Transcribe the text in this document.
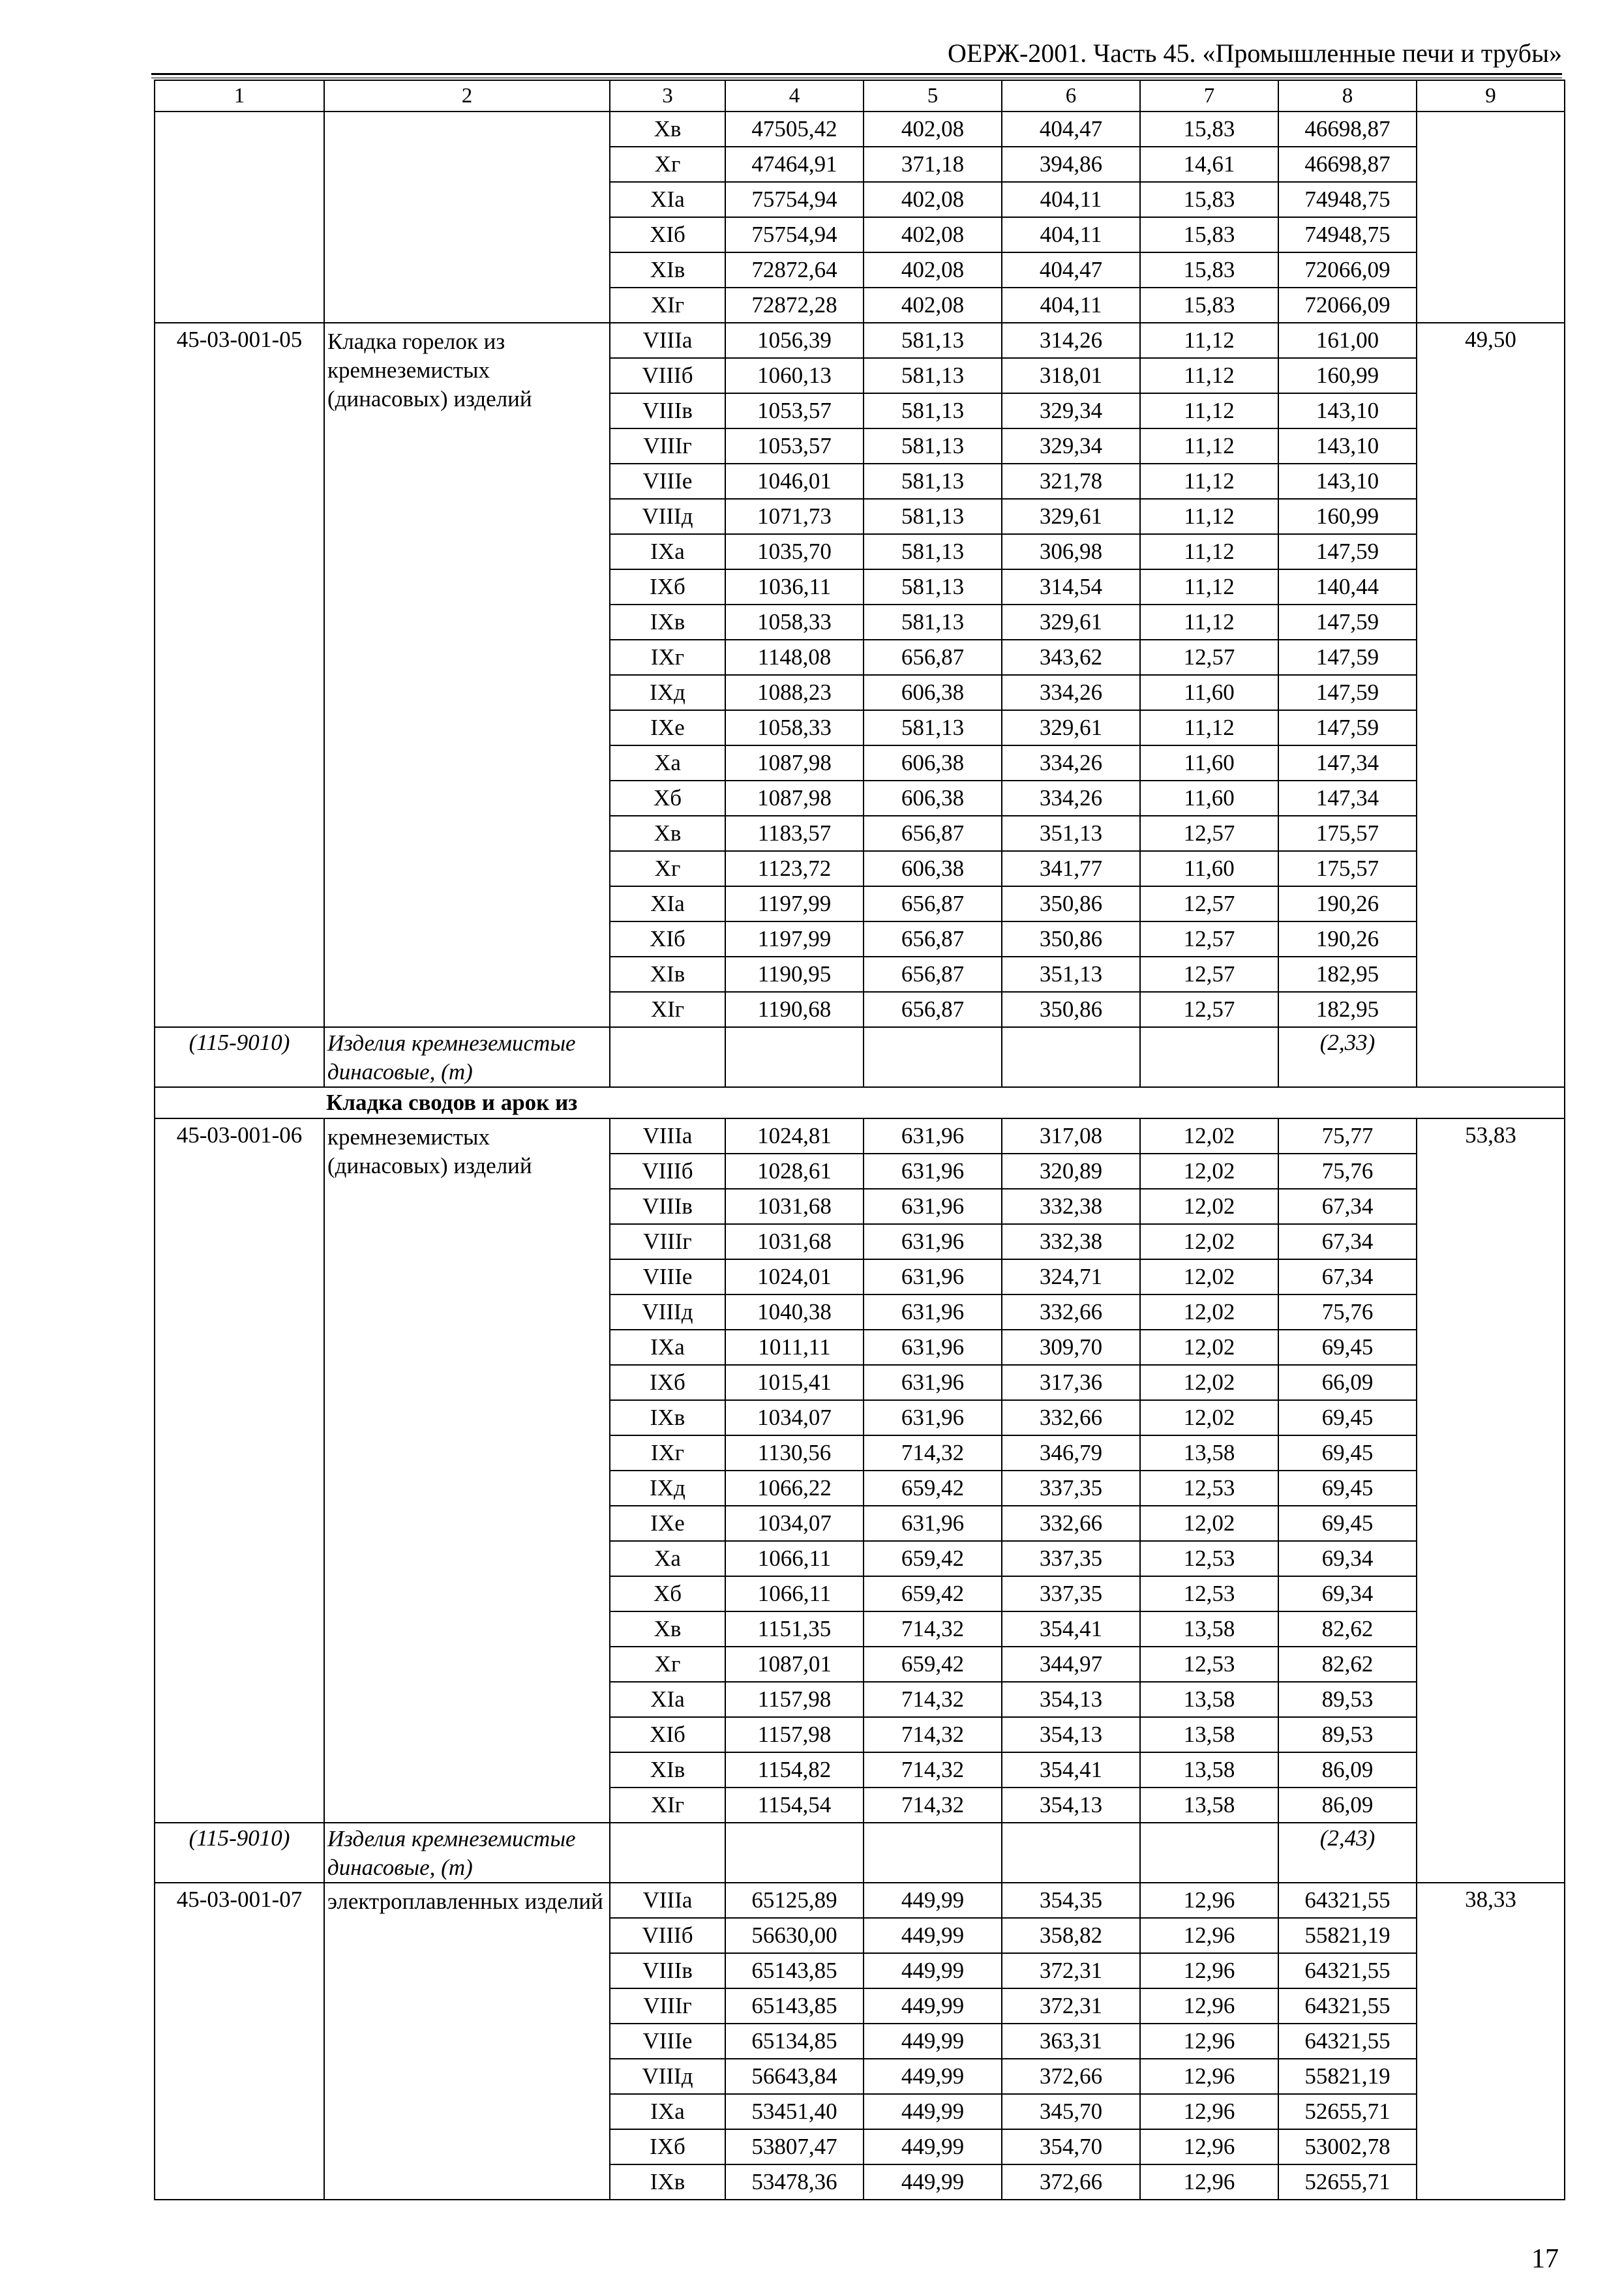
ОЕРЖ-2001. Часть 45. «Промышленные печи и трубы»
1	2	3	4	5	6	7	8	9
		Хв	47505,42	402,08	404,47	15,83	46698,87	
		Хг	47464,91	371,18	394,86	14,61	46698,87	
		ХIа	75754,94	402,08	404,11	15,83	74948,75	
		ХIб	75754,94	402,08	404,11	15,83	74948,75	
		ХIв	72872,64	402,08	404,47	15,83	72066,09	
		ХIг	72872,28	402,08	404,11	15,83	72066,09	
45-03-001-05	Кладка горелок из кремнеземистых (динасовых) изделий	VIIIа	1056,39	581,13	314,26	11,12	161,00	49,50
		VIIIб	1060,13	581,13	318,01	11,12	160,99	
		VIIIв	1053,57	581,13	329,34	11,12	143,10	
		VIIIг	1053,57	581,13	329,34	11,12	143,10	
		VIIIе	1046,01	581,13	321,78	11,12	143,10	
		VIIIд	1071,73	581,13	329,61	11,12	160,99	
		IХа	1035,70	581,13	306,98	11,12	147,59	
		IХб	1036,11	581,13	314,54	11,12	140,44	
		IХв	1058,33	581,13	329,61	11,12	147,59	
		IХг	1148,08	656,87	343,62	12,57	147,59	
		IХд	1088,23	606,38	334,26	11,60	147,59	
		IХе	1058,33	581,13	329,61	11,12	147,59	
		Ха	1087,98	606,38	334,26	11,60	147,34	
		Хб	1087,98	606,38	334,26	11,60	147,34	
		Хв	1183,57	656,87	351,13	12,57	175,57	
		Хг	1123,72	606,38	341,77	11,60	175,57	
		ХIа	1197,99	656,87	350,86	12,57	190,26	
		ХIб	1197,99	656,87	350,86	12,57	190,26	
		ХIв	1190,95	656,87	351,13	12,57	182,95	
		ХIг	1190,68	656,87	350,86	12,57	182,95	
(115-9010)	Изделия кремнеземистые динасовые, (т)						(2,33)	
Кладка сводов и арок из								
45-03-001-06	кремнеземистых (динасовых) изделий	VIIIа	1024,81	631,96	317,08	12,02	75,77	53,83
		VIIIб	1028,61	631,96	320,89	12,02	75,76	
		VIIIв	1031,68	631,96	332,38	12,02	67,34	
		VIIIг	1031,68	631,96	332,38	12,02	67,34	
		VIIIе	1024,01	631,96	324,71	12,02	67,34	
		VIIIд	1040,38	631,96	332,66	12,02	75,76	
		IХа	1011,11	631,96	309,70	12,02	69,45	
		IХб	1015,41	631,96	317,36	12,02	66,09	
		IХв	1034,07	631,96	332,66	12,02	69,45	
		IХг	1130,56	714,32	346,79	13,58	69,45	
		IХд	1066,22	659,42	337,35	12,53	69,45	
		IХе	1034,07	631,96	332,66	12,02	69,45	
		Ха	1066,11	659,42	337,35	12,53	69,34	
		Хб	1066,11	659,42	337,35	12,53	69,34	
		Хв	1151,35	714,32	354,41	13,58	82,62	
		Хг	1087,01	659,42	344,97	12,53	82,62	
		ХIа	1157,98	714,32	354,13	13,58	89,53	
		ХIб	1157,98	714,32	354,13	13,58	89,53	
		ХIв	1154,82	714,32	354,41	13,58	86,09	
		ХIг	1154,54	714,32	354,13	13,58	86,09	
(115-9010)	Изделия кремнеземистые динасовые, (т)						(2,43)	
45-03-001-07	электроплавленных изделий	VIIIа	65125,89	449,99	354,35	12,96	64321,55	38,33
		VIIIб	56630,00	449,99	358,82	12,96	55821,19	
		VIIIв	65143,85	449,99	372,31	12,96	64321,55	
		VIIIг	65143,85	449,99	372,31	12,96	64321,55	
		VIIIе	65134,85	449,99	363,31	12,96	64321,55	
		VIIIд	56643,84	449,99	372,66	12,96	55821,19	
		IХа	53451,40	449,99	345,70	12,96	52655,71	
		IХб	53807,47	449,99	354,70	12,96	53002,78	
		IХв	53478,36	449,99	372,66	12,96	52655,71	
17
